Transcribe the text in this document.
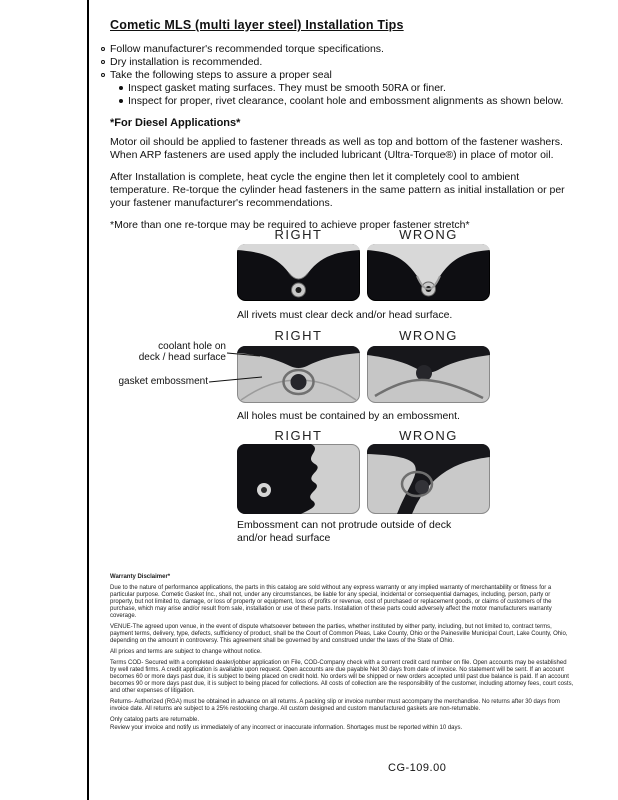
Cometic MLS (multi layer steel) Installation Tips
Follow manufacturer's recommended torque specifications.
Dry installation is recommended.
Take the following steps to assure a proper seal
Inspect gasket mating surfaces. They must be smooth 50RA or finer.
Inspect for proper, rivet clearance, coolant hole and embossment alignments as shown below.
*For Diesel Applications*

Motor oil should be applied to fastener threads as well as top and bottom of the fastener washers. When ARP fasteners are used apply the included lubricant (Ultra-Torque®) in place of motor oil.

After Installation is complete, heat cycle the engine then let it completely cool to ambient temperature. Re-torque the cylinder head fasteners in the same pattern as initial installation or per your fastener manufacturer's recommendations.

*More than one re-torque may be required to achieve proper fastener stretch*

RIGHT	WRONG
All rivets must clear deck and/or head surface.
RIGHT	WRONG
coolant hole on
deck / head surface
gasket embossment
All holes must be contained by an embossment.
RIGHT	WRONG
Embossment can not protrude outside of deck
and/or head surface
Warranty Disclaimer*

Due to the nature of performance applications, the parts in this catalog are sold without any express warranty or any implied warranty of merchantability or fitness for a particular purpose. Cometic Gasket Inc., shall not, under any circumstances, be liable for any special, incidental or consequential damages, including, person, party or property, but not limited to, damage, or loss of property or equipment, loss of profits or revenue, cost of purchased or replacement goods, or claims of customers of the purchase, which may arise and/or result from sale, installation or use of these parts. Installation of these parts could adversely affect the motor manufacturers warranty coverage.

VENUE-The agreed upon venue, in the event of dispute whatsoever between the parties, whether instituted by either party, including, but not limited to, contract terms, payment terms, delivery, type, defects, sufficiency of product, shall be the Court of Common Pleas, Lake County, Ohio or the Painesville Municipal Court, Lake County, Ohio, depending on the amount in controversy. This agreement shall be governed by and construed under the laws of the State of Ohio.

All prices and terms are subject to change without notice.

Terms COD- Secured with a completed dealer/jobber application on File, COD-Company check with a current credit card number on file. Open accounts may be established by well rated firms. A credit application is available upon request. Open accounts are due payable Net 30 days from date of invoice. No statement will be sent. If an account becomes 60 or more days past due, it is subject to being placed on credit hold. No orders will be shipped or new orders accepted until past due balance is paid. If an account becomes 90 or more days past due, it is subject to being placed for collections. All costs of collection are the responsibility of the customer, including attorney fees, court costs, and other expenses of litigation.

Returns- Authorized (RGA) must be obtained in advance on all returns. A packing slip or invoice number must accompany the merchandise. No returns after 30 days from invoice date. All returns are subject to a 25% restocking charge. All custom designed and custom manufactured gaskets are non-returnable.

Only catalog parts are returnable.

Review your invoice and notify us immediately of any incorrect or inaccurate information. Shortages must be reported within 10 days.

CG-109.00
